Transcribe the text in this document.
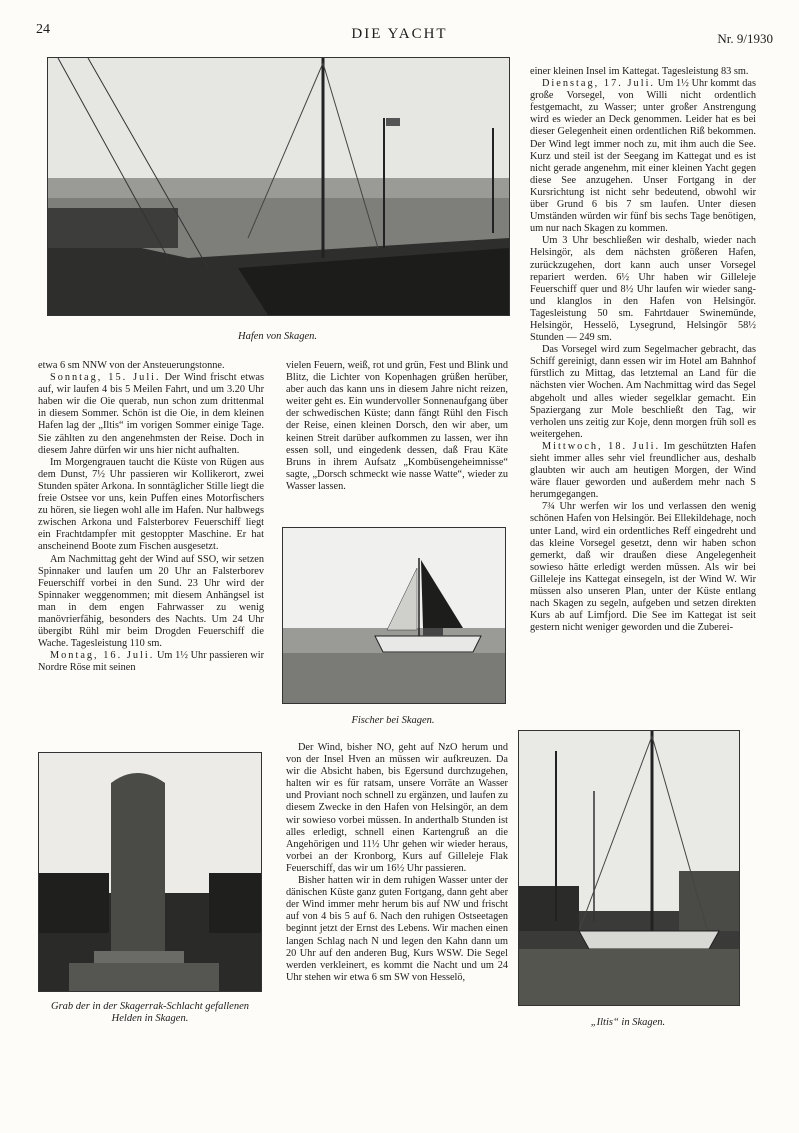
24	DIE YACHT	Nr. 9/1930
Hafen von Skagen.

etwa 6 sm NNW von der Ansteuerungstonne.

Sonntag, 15. Juli. Der Wind frischt etwas auf, wir laufen 4 bis 5 Meilen Fahrt, und um 3.20 Uhr haben wir die Oie querab, nun schon zum drittenmal in diesem Sommer. Schön ist die Oie, in dem kleinen Hafen lag der „Iltis“ im vorigen Sommer einige Tage. Sie zählten zu den angenehmsten der Reise. Doch in diesem Jahre dürfen wir uns hier nicht aufhalten.

Im Morgengrauen taucht die Küste von Rügen aus dem Dunst, 7½ Uhr passieren wir Kollikerort, zwei Stunden später Arkona. In sonntäglicher Stille liegt die freie Ostsee vor uns, kein Puffen eines Motorfischers zu hören, sie liegen wohl alle im Hafen. Nur halbwegs zwischen Arkona und Falsterborev Feuerschiff liegt ein Frachtdampfer mit gestoppter Maschine. Er hat anscheinend Boote zum Fischen ausgesetzt.

Am Nachmittag geht der Wind auf SSO, wir setzen Spinnaker und laufen um 20 Uhr an Falsterborev Feuerschiff vorbei in den Sund. 23 Uhr wird der Spinnaker weggenommen; mit diesem Anhängsel ist man in dem engen Fahrwasser zu wenig manövrierfähig, besonders des Nachts. Um 24 Uhr übergibt Rühl mir beim Drogden Feuerschiff die Wache. Tagesleistung 110 sm.

Montag, 16. Juli. Um 1½ Uhr passieren wir Nordre Röse mit seinen

Grab der in der Skagerrak-Schlacht gefallenen Helden in Skagen.

vielen Feuern, weiß, rot und grün, Fest und Blink und Blitz, die Lichter von Kopenhagen grüßen herüber, aber auch das kann uns in diesem Jahre nicht reizen, weiter geht es. Ein wundervoller Sonnenaufgang über der schwedischen Küste; dann fängt Rühl den Fisch der Reise, einen kleinen Dorsch, den wir aber, um keinen Streit darüber aufkommen zu lassen, wer ihn essen soll, und eingedenk dessen, daß Frau Käte Bruns in ihrem Aufsatz „Kombüsengeheimnisse“ sagte, „Dorsch schmeckt wie nasse Watte“, wieder zu Wasser lassen.

Fischer bei Skagen.

Der Wind, bisher NO, geht auf NzO herum und von der Insel Hven an müssen wir aufkreuzen. Da wir die Absicht haben, bis Egersund durchzugehen, halten wir es für ratsam, unsere Vorräte an Wasser und Proviant noch schnell zu ergänzen, und laufen zu diesem Zwecke in den Hafen von Helsingör, an dem wir sowieso vorbei müssen. In anderthalb Stunden ist alles erledigt, schnell einen Kartengruß an die Angehörigen und 11½ Uhr gehen wir wieder heraus, vorbei an der Kronborg, Kurs auf Gilleleje Flak Feuerschiff, das wir um 16½ Uhr passieren.

Bisher hatten wir in dem ruhigen Wasser unter der dänischen Küste ganz guten Fortgang, dann geht aber der Wind immer mehr herum bis auf NW und frischt auf von 4 bis 5 auf 6. Nach den ruhigen Ostseetagen beginnt jetzt der Ernst des Lebens. Wir machen einen langen Schlag nach N und legen den Kahn dann um 20 Uhr auf den anderen Bug, Kurs WSW. Die Segel werden verkleinert, es kommt die Nacht und um 24 Uhr stehen wir etwa 6 sm SW von Hesselö,

einer kleinen Insel im Kattegat. Tagesleistung 83 sm.

Dienstag, 17. Juli. Um 1½ Uhr kommt das große Vorsegel, von Willi nicht ordentlich festgemacht, zu Wasser; unter großer Anstrengung wird es wieder an Deck genommen. Leider hat es bei dieser Gelegenheit einen ordentlichen Riß bekommen. Der Wind legt immer noch zu, mit ihm auch die See. Kurz und steil ist der Seegang im Kattegat und es ist nicht gerade angenehm, mit einer kleinen Yacht gegen diese See anzugehen. Unser Fortgang in der Kursrichtung ist nicht sehr bedeutend, obwohl wir über Grund 6 bis 7 sm laufen. Unter diesen Umständen würden wir fünf bis sechs Tage benötigen, um nur nach Skagen zu kommen.

Um 3 Uhr beschließen wir deshalb, wieder nach Helsingör, als dem nächsten größeren Hafen, zurückzugehen, dort kann auch unser Vorsegel repariert werden. 6½ Uhr haben wir Gilleleje Feuerschiff quer und 8½ Uhr laufen wir wieder sang- und klanglos in den Hafen von Helsingör. Tagesleistung 50 sm. Fahrtdauer Swinemünde, Helsingör, Hesselö, Lysegrund, Helsingör 58½ Stunden — 249 sm.

Das Vorsegel wird zum Segelmacher gebracht, das Schiff gereinigt, dann essen wir im Hotel am Bahnhof fürstlich zu Mittag, das letztemal an Land für die nächsten vier Wochen. Am Nachmittag wird das Segel abgeholt und alles wieder segelklar gemacht. Ein Spaziergang zur Mole beschließt den Tag, wir verholen uns zeitig zur Koje, denn morgen früh soll es weitergehen.

Mittwoch, 18. Juli. Im geschützten Hafen sieht immer alles sehr viel freundlicher aus, deshalb glaubten wir auch am heutigen Morgen, der Wind wäre flauer geworden und außerdem mehr nach S herumgegangen.

7¾ Uhr werfen wir los und verlassen den wenig schönen Hafen von Helsingör. Bei Ellekildehage, noch unter Land, wird ein ordentliches Reff eingedreht und das kleine Vorsegel gesetzt, denn wir haben schon gemerkt, daß wir draußen diese Angelegenheit sowieso hätte erledigt werden müssen. Als wir bei Gilleleje ins Kattegat einsegeln, ist der Wind W. Wir müssen also unseren Plan, unter der Küste entlang nach Skagen zu segeln, aufgeben und setzen direkten Kurs ab auf Limfjord. Die See im Kattegat ist seit gestern nicht weniger geworden und die Zuberei-

„Iltis“ in Skagen.
